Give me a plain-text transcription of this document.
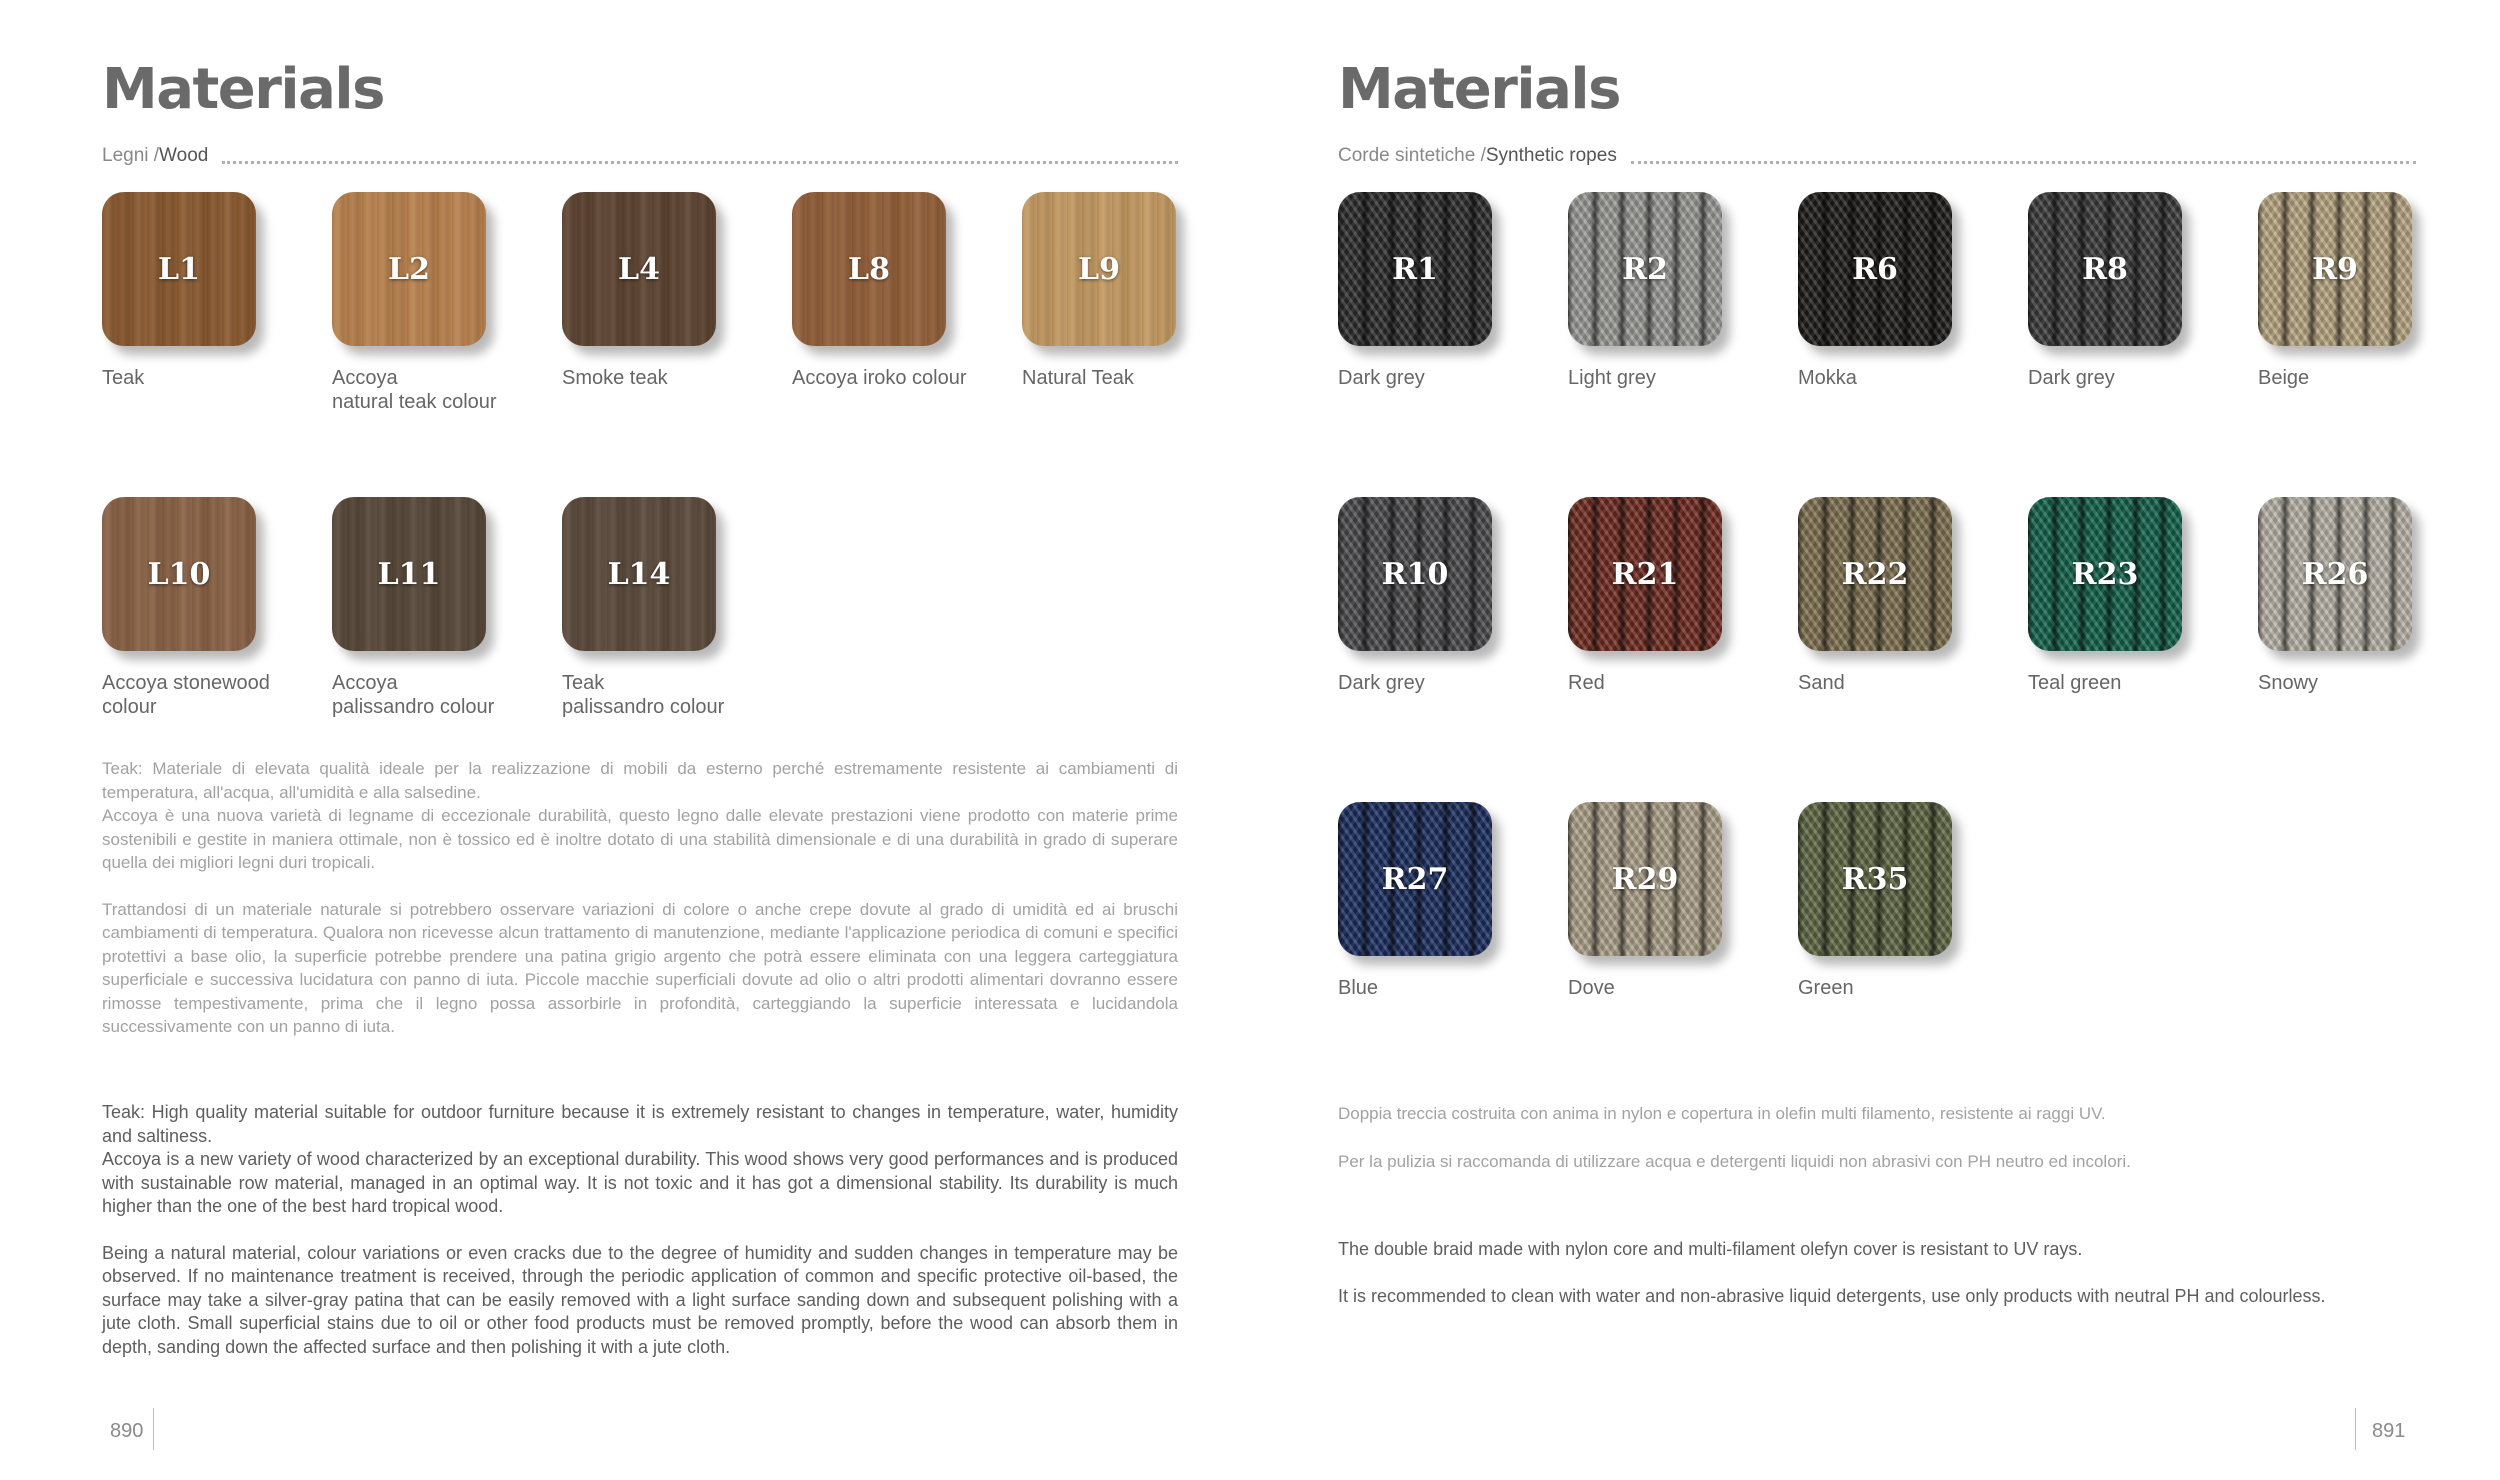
Materials
Legni / Wood
L1
Teak
L2
Accoya
natural teak colour
L4
Smoke teak
L8
Accoya iroko colour
L9
Natural Teak
L10
Accoya stonewood
colour
L11
Accoya
palissandro colour
L14
Teak
palissandro colour

Teak: Materiale di elevata qualità ideale per la realizzazione di mobili da esterno perché estremamente resistente ai cambiamenti di temperatura, all'acqua, all'umidità e alla salsedine.

Accoya è una nuova varietà di legname di eccezionale durabilità, questo legno dalle elevate prestazioni viene prodotto con materie prime sostenibili e gestite in maniera ottimale, non è tossico ed è inoltre dotato di una stabilità dimensionale e di una durabilità in grado di superare quella dei migliori legni duri tropicali.

Trattandosi di un materiale naturale si potrebbero osservare variazioni di colore o anche crepe dovute al grado di umidità ed ai bruschi cambiamenti di temperatura. Qualora non ricevesse alcun trattamento di manutenzione, mediante l'applicazione periodica di comuni e specifici protettivi a base olio, la superficie potrebbe prendere una patina grigio argento che potrà essere eliminata con una leggera carteggiatura superficiale e successiva lucidatura con panno di iuta. Piccole macchie superficiali dovute ad olio o altri prodotti alimentari dovranno essere rimosse tempestivamente, prima che il legno possa assorbirle in profondità, carteggiando la superficie interessata e lucidandola successivamente con un panno di iuta.

Teak: High quality material suitable for outdoor furniture because it is extremely resistant to changes in temperature, water, humidity and saltiness.

Accoya is a new variety of wood characterized by an exceptional durability. This wood shows very good performances and is produced with sustainable row material, managed in an optimal way. It is not toxic and it has got a dimensional stability. Its durability is much higher than the one of the best hard tropical wood.

Being a natural material, colour variations or even cracks due to the degree of humidity and sudden changes in temperature may be observed. If no maintenance treatment is received, through the periodic application of common and specific protective oil-based, the surface may take a silver-gray patina that can be easily removed with a light surface sanding down and subsequent polishing with a jute cloth. Small superficial stains due to oil or other food products must be removed promptly, before the wood can absorb them in depth, sanding down the affected surface and then polishing it with a jute cloth.

890
Materials
Corde sintetiche / Synthetic ropes
R1
Dark grey
R2
Light grey
R6
Mokka
R8
Dark grey
R9
Beige
R10
Dark grey
R21
Red
R22
Sand
R23
Teal green
R26
Snowy
R27
Blue
R29
Dove
R35
Green

Doppia treccia costruita con anima in nylon e copertura in olefin multi filamento, resistente ai raggi UV.

Per la pulizia si raccomanda di utilizzare acqua e detergenti liquidi non abrasivi con PH neutro ed incolori.

The double braid made with nylon core and multi-filament olefyn cover is resistant to UV rays.

It is recommended to clean with water and non-abrasive liquid detergents, use only products with neutral PH and colourless.

891
